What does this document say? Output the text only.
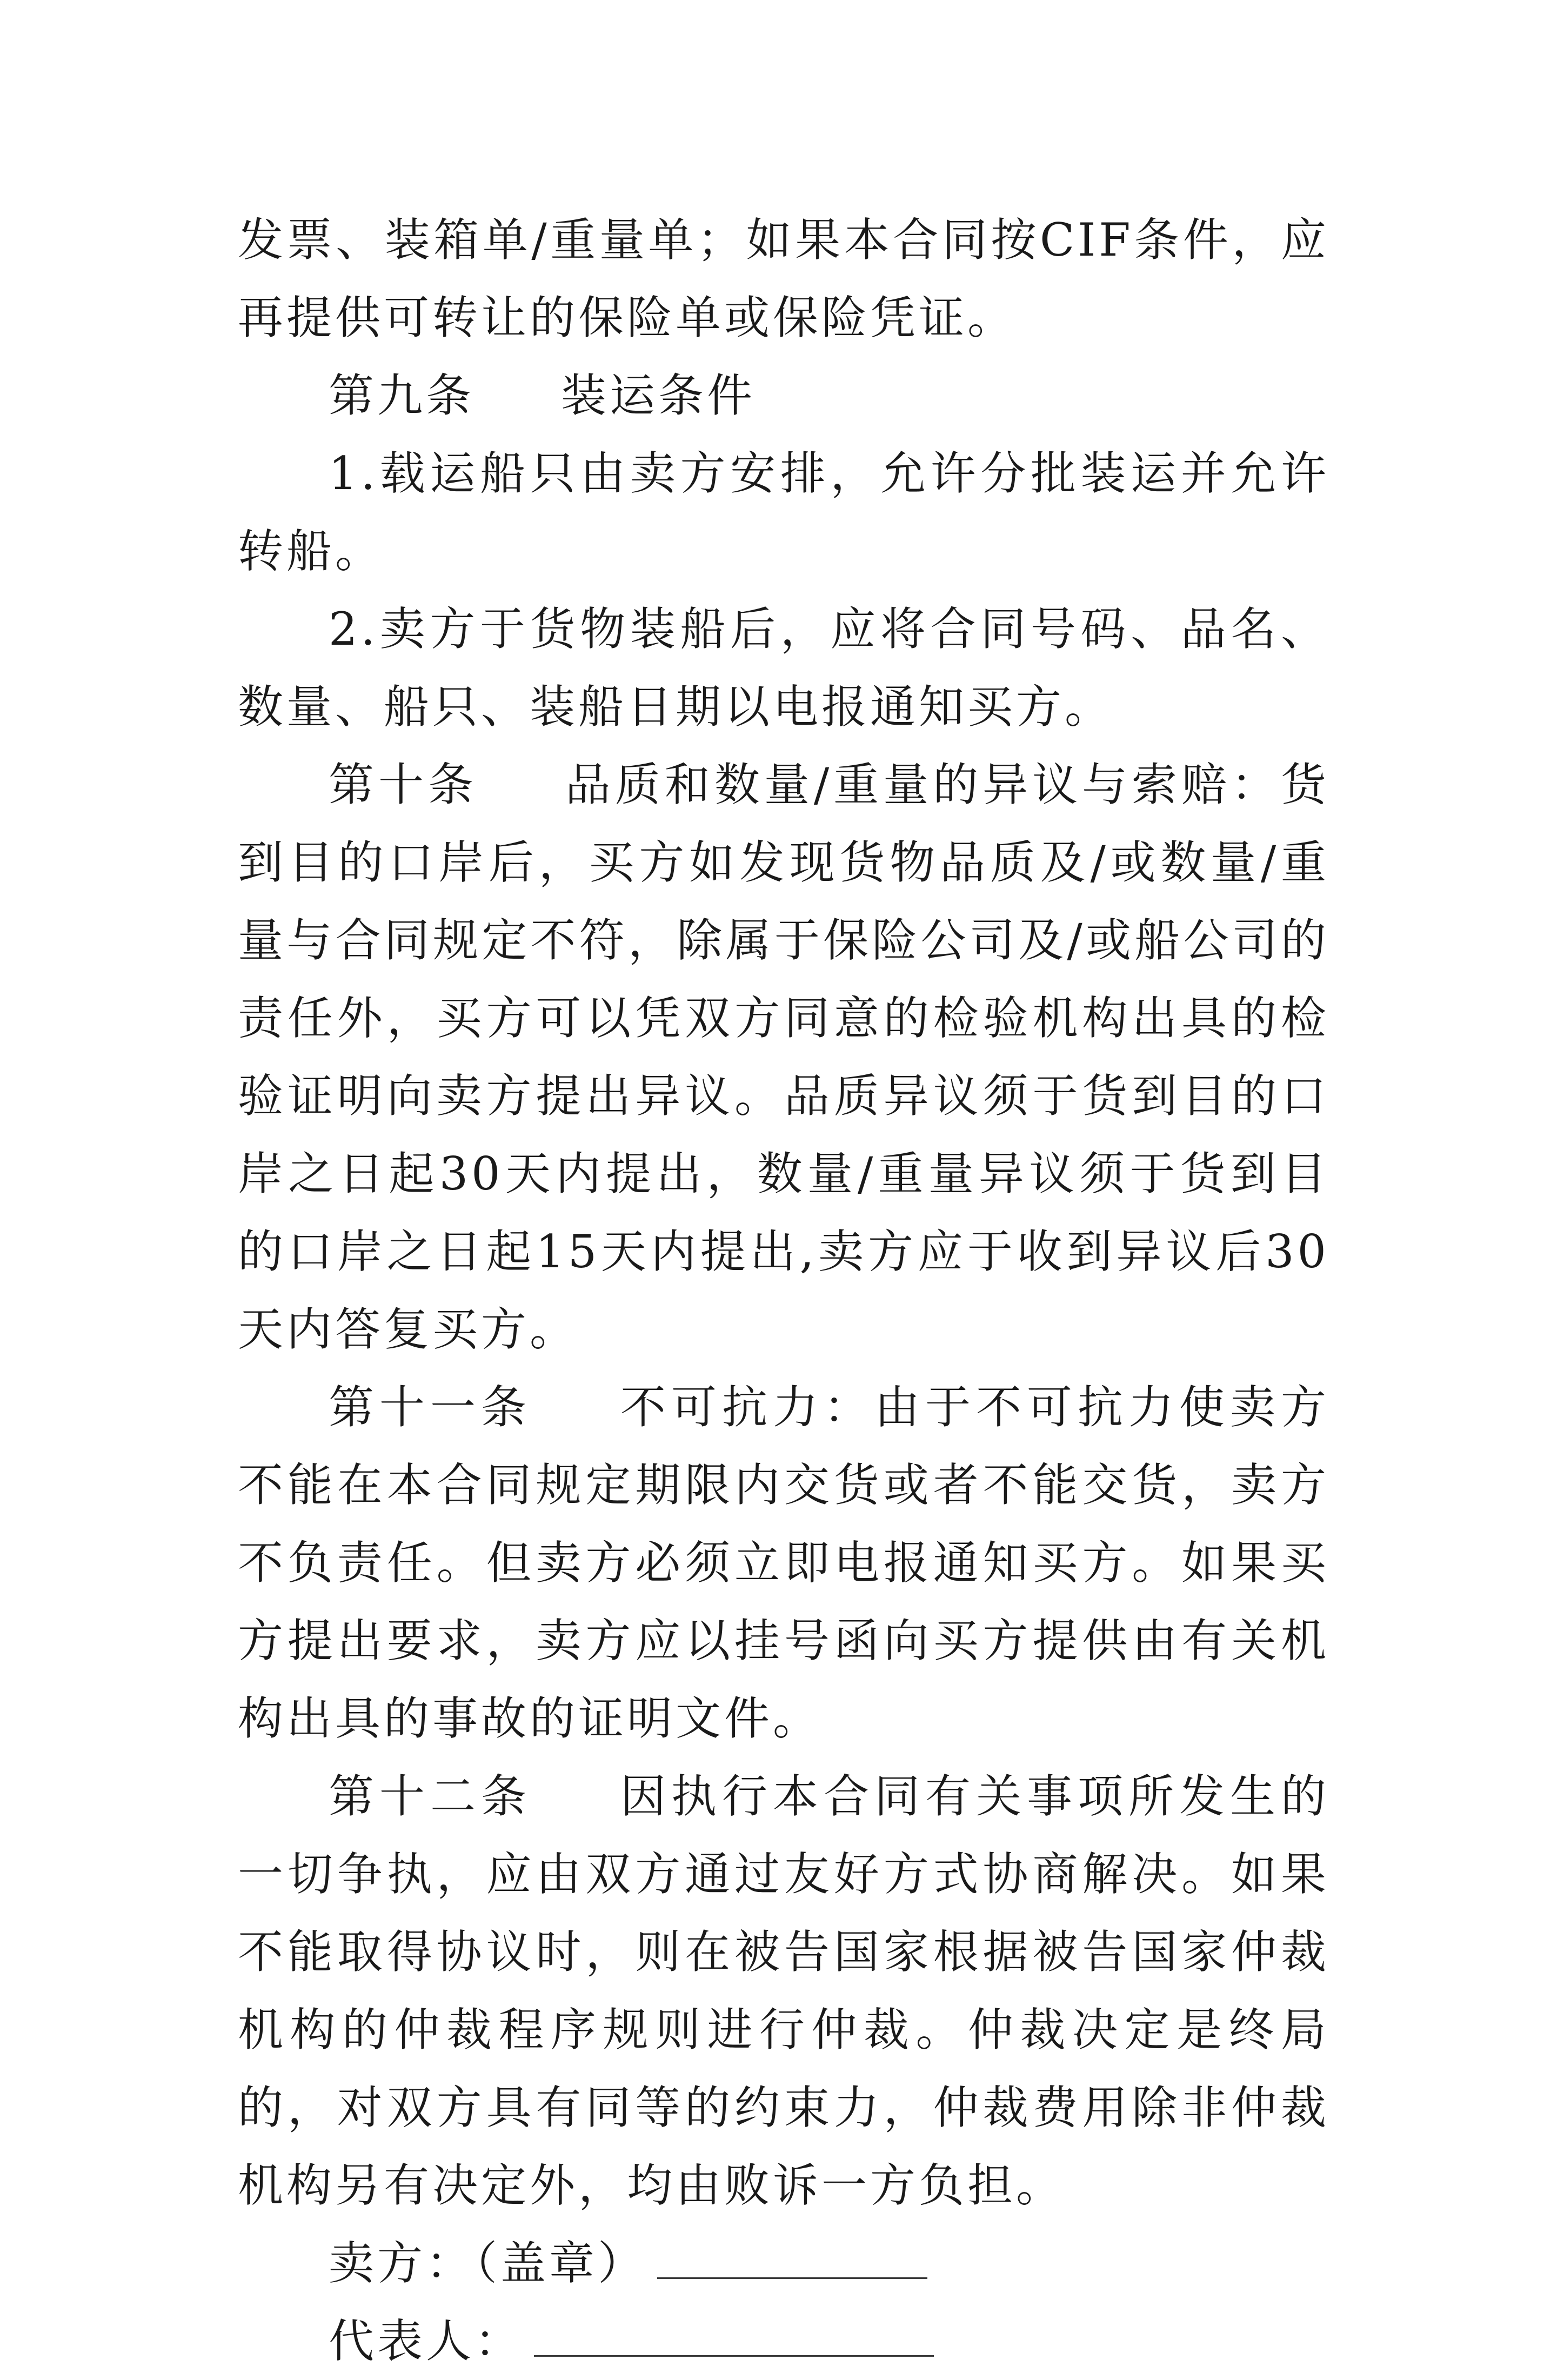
发票、装箱单/重量单；如果本合同按CIF条件，应再提供可转让的保险单或保险凭证。

第九条 装运条件

1.载运船只由卖方安排，允许分批装运并允许转船。

2.卖方于货物装船后，应将合同号码、品名、数量、船只、装船日期以电报通知买方。

第十条 品质和数量/重量的异议与索赔：货到目的口岸后，买方如发现货物品质及/或数量/重量与合同规定不符，除属于保险公司及/或船公司的责任外，买方可以凭双方同意的检验机构出具的检验证明向卖方提出异议。品质异议须于货到目的口岸之日起30天内提出，数量/重量异议须于货到目的口岸之日起15天内提出,卖方应于收到异议后30天内答复买方。

第十一条 不可抗力：由于不可抗力使卖方不能在本合同规定期限内交货或者不能交货，卖方不负责任。但卖方必须立即电报通知买方。如果买方提出要求，卖方应以挂号函向买方提供由有关机构出具的事故的证明文件。

第十二条 因执行本合同有关事项所发生的一切争执，应由双方通过友好方式协商解决。如果不能取得协议时，则在被告国家根据被告国家仲裁机构的仲裁程序规则进行仲裁。仲裁决定是终局的，对双方具有同等的约束力，仲裁费用除非仲裁机构另有决定外，均由败诉一方负担。

卖方：（盖章）

代表人：
